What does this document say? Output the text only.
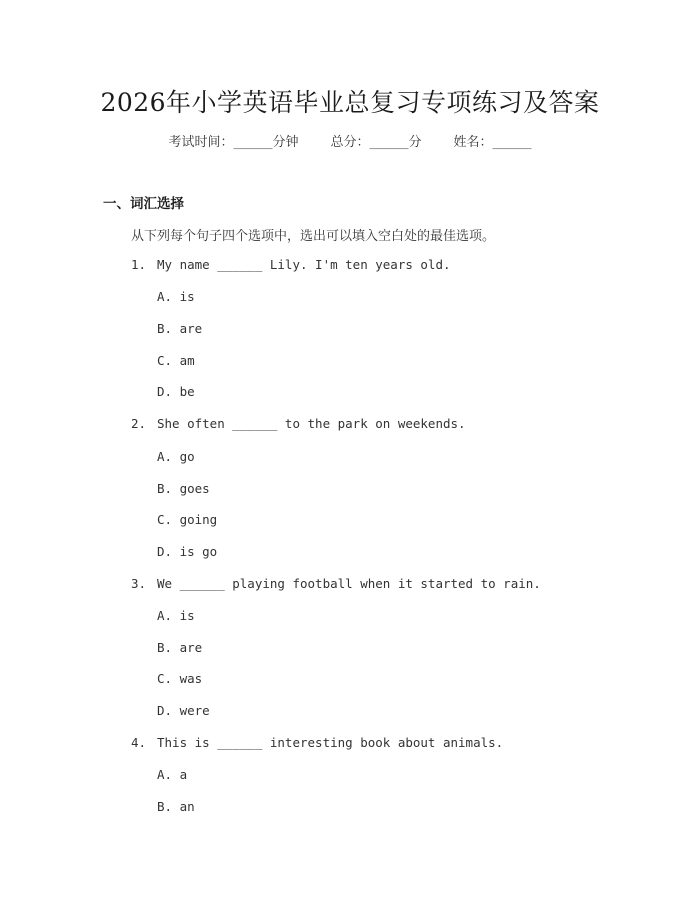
2026年小学英语毕业总复习专项练习及答案
考试时间：______分钟 总分：______分 姓名：______
一、词汇选择
从下列每个句子四个选项中，选出可以填入空白处的最佳选项。
1. My name ______ Lily. I'm ten years old.
A. is
B. are
C. am
D. be
2. She often ______ to the park on weekends.
A. go
B. goes
C. going
D. is go
3. We ______ playing football when it started to rain.
A. is
B. are
C. was
D. were
4. This is ______ interesting book about animals.
A. a
B. an
